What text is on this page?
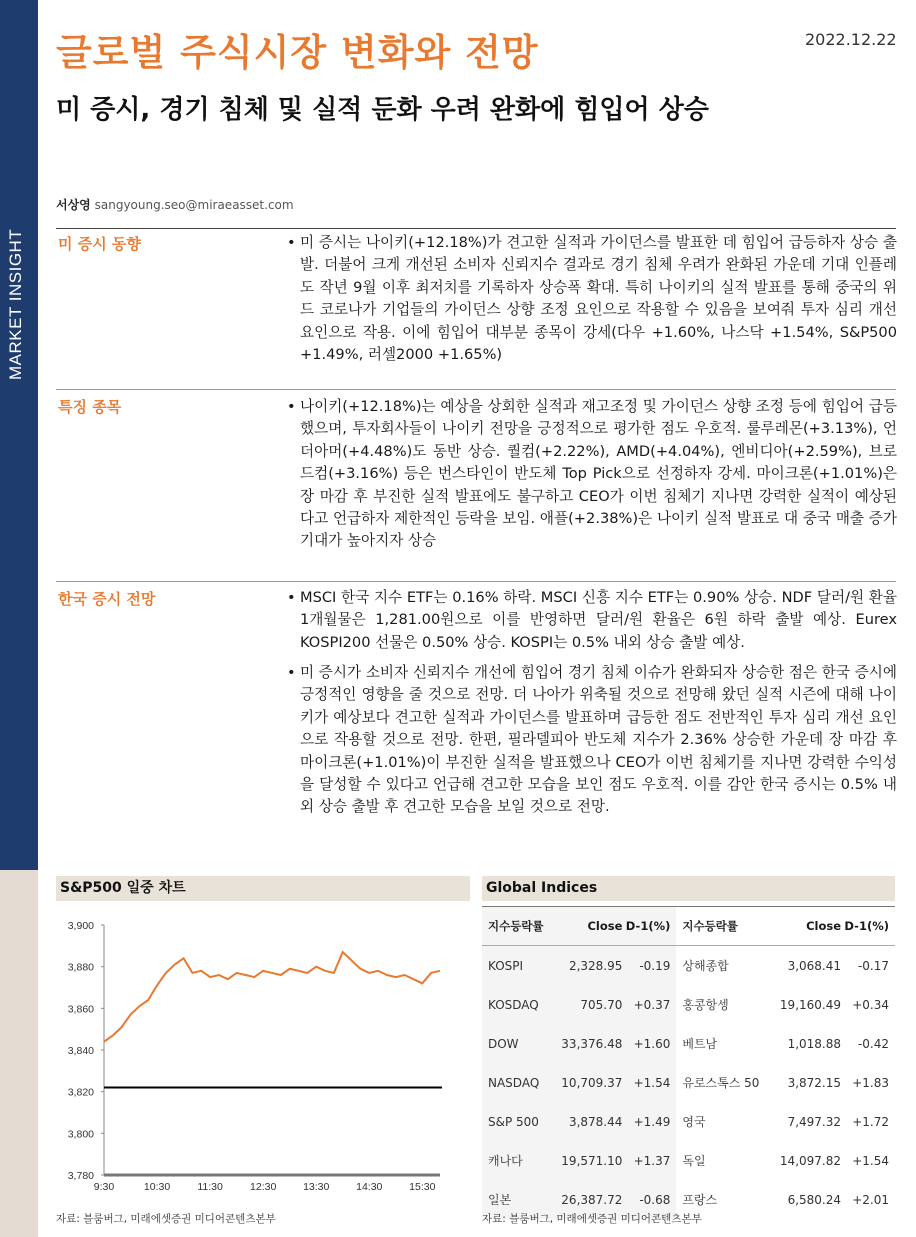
MARKET INSIGHT
글로벌 주식시장 변화와 전망	2022.12.22
미 증시, 경기 침체 및 실적 둔화 우려 완화에 힘입어 상승
서상영 sangyoung.seo@miraeasset.com
미 증시 동향	• 미 증시는 나이키(+12.18%)가 견고한 실적과 가이던스를 발표한 데 힘입어 급등하자 상승 출발. 더불어 크게 개선된 소비자 신뢰지수 결과로 경기 침체 우려가 완화된 가운데 기대 인플레도 작년 9월 이후 최저치를 기록하자 상승폭 확대. 특히 나이키의 실적 발표를 통해 중국의 위드 코로나가 기업들의 가이던스 상향 조정 요인으로 작용할 수 있음을 보여줘 투자 심리 개선 요인으로 작용. 이에 힘입어 대부분 종목이 강세(다우 +1.60%, 나스닥 +1.54%, S&P500 +1.49%, 러셀2000 +1.65%)
특징 종목	• 나이키(+12.18%)는 예상을 상회한 실적과 재고조정 및 가이던스 상향 조정 등에 힘입어 급등했으며, 투자회사들이 나이키 전망을 긍정적으로 평가한 점도 우호적. 룰루레몬(+3.13%), 언더아머(+4.48%)도 동반 상승. 퀄컴(+2.22%), AMD(+4.04%), 엔비디아(+2.59%), 브로드컴(+3.16%) 등은 번스타인이 반도체 Top Pick으로 선정하자 강세. 마이크론(+1.01%)은 장 마감 후 부진한 실적 발표에도 불구하고 CEO가 이번 침체기 지나면 강력한 실적이 예상된다고 언급하자 제한적인 등락을 보임. 애플(+2.38%)은 나이키 실적 발표로 대 중국 매출 증가 기대가 높아지자 상승
한국 증시 전망	• MSCI 한국 지수 ETF는 0.16% 하락. MSCI 신흥 지수 ETF는 0.90% 상승. NDF 달러/원 환율 1개월물은 1,281.00원으로 이를 반영하면 달러/원 환율은 6원 하락 출발 예상. Eurex KOSPI200 선물은 0.50% 상승. KOSPI는 0.5% 내외 상승 출발 예상.
• 미 증시가 소비자 신뢰지수 개선에 힘입어 경기 침체 이슈가 완화되자 상승한 점은 한국 증시에 긍정적인 영향을 줄 것으로 전망. 더 나아가 위축될 것으로 전망해 왔던 실적 시즌에 대해 나이키가 예상보다 견고한 실적과 가이던스를 발표하며 급등한 점도 전반적인 투자 심리 개선 요인으로 작용할 것으로 전망. 한편, 필라델피아 반도체 지수가 2.36% 상승한 가운데 장 마감 후 마이크론(+1.01%)이 부진한 실적을 발표했으나 CEO가 이번 침체기를 지나면 강력한 수익성을 달성할 수 있다고 언급해 견고한 모습을 보인 점도 우호적. 이를 감안 한국 증시는 0.5% 내외 상승 출발 후 견고한 모습을 보일 것으로 전망.
S&P500 일중 차트
3,900
3,880
3,860
3,840
3,820
3,800
3,780
9:30	10:30	11:30	12:30	13:30	14:30	15:30
자료: 블룸버그, 미래에셋증권 미디어콘텐츠본부
Global Indices
지수등락률	Close	D-1(%)	지수등락률	Close	D-1(%)
KOSPI	2,328.95	-0.19	상해종합	3,068.41	-0.17
KOSDAQ	705.70	+0.37	홍콩항셍	19,160.49	+0.34
DOW	33,376.48	+1.60	베트남	1,018.88	-0.42
NASDAQ	10,709.37	+1.54	유로스톡스 50	3,872.15	+1.83
S&P 500	3,878.44	+1.49	영국	7,497.32	+1.72
캐나다	19,571.10	+1.37	독일	14,097.82	+1.54
일본	26,387.72	-0.68	프랑스	6,580.24	+2.01
자료: 블룸버그, 미래에셋증권 미디어콘텐츠본부
